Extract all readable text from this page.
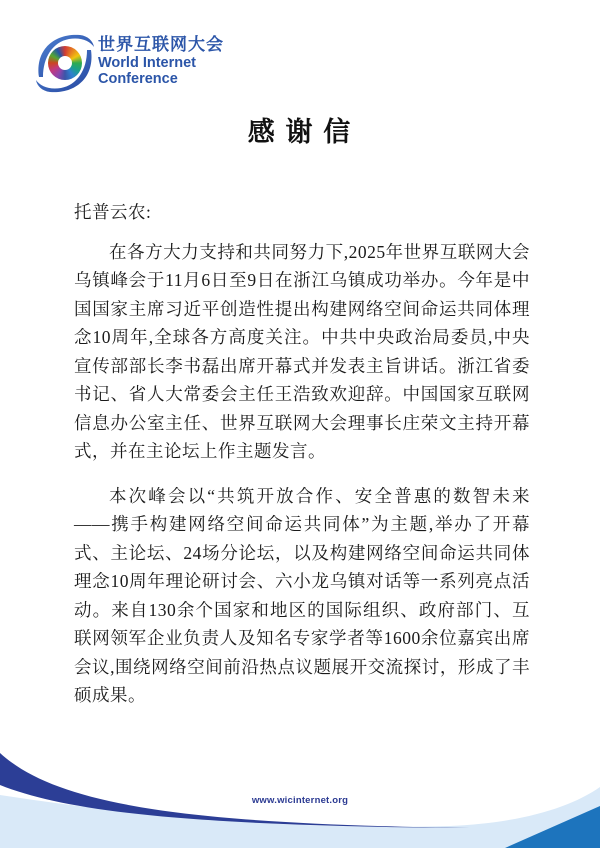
世界互联网大会
World Internet
Conference
感 谢 信
托普云农:

在各方大力支持和共同努力下,2025年世界互联网大会乌镇峰会于11月6日至9日在浙江乌镇成功举办。今年是中国国家主席习近平创造性提出构建网络空间命运共同体理念10周年,全球各方高度关注。中共中央政治局委员,中央宣传部部长李书磊出席开幕式并发表主旨讲话。浙江省委书记、省人大常委会主任王浩致欢迎辞。中国国家互联网信息办公室主任、世界互联网大会理事长庄荣文主持开幕式，并在主论坛上作主题发言。

本次峰会以“共筑开放合作、安全普惠的数智未来——携手构建网络空间命运共同体”为主题,举办了开幕式、主论坛、24场分论坛，以及构建网络空间命运共同体理念10周年理论研讨会、六小龙乌镇对话等一系列亮点活动。来自130余个国家和地区的国际组织、政府部门、互联网领军企业负责人及知名专家学者等1600余位嘉宾出席会议,围绕网络空间前沿热点议题展开交流探讨，形成了丰硕成果。

www.wicinternet.org
